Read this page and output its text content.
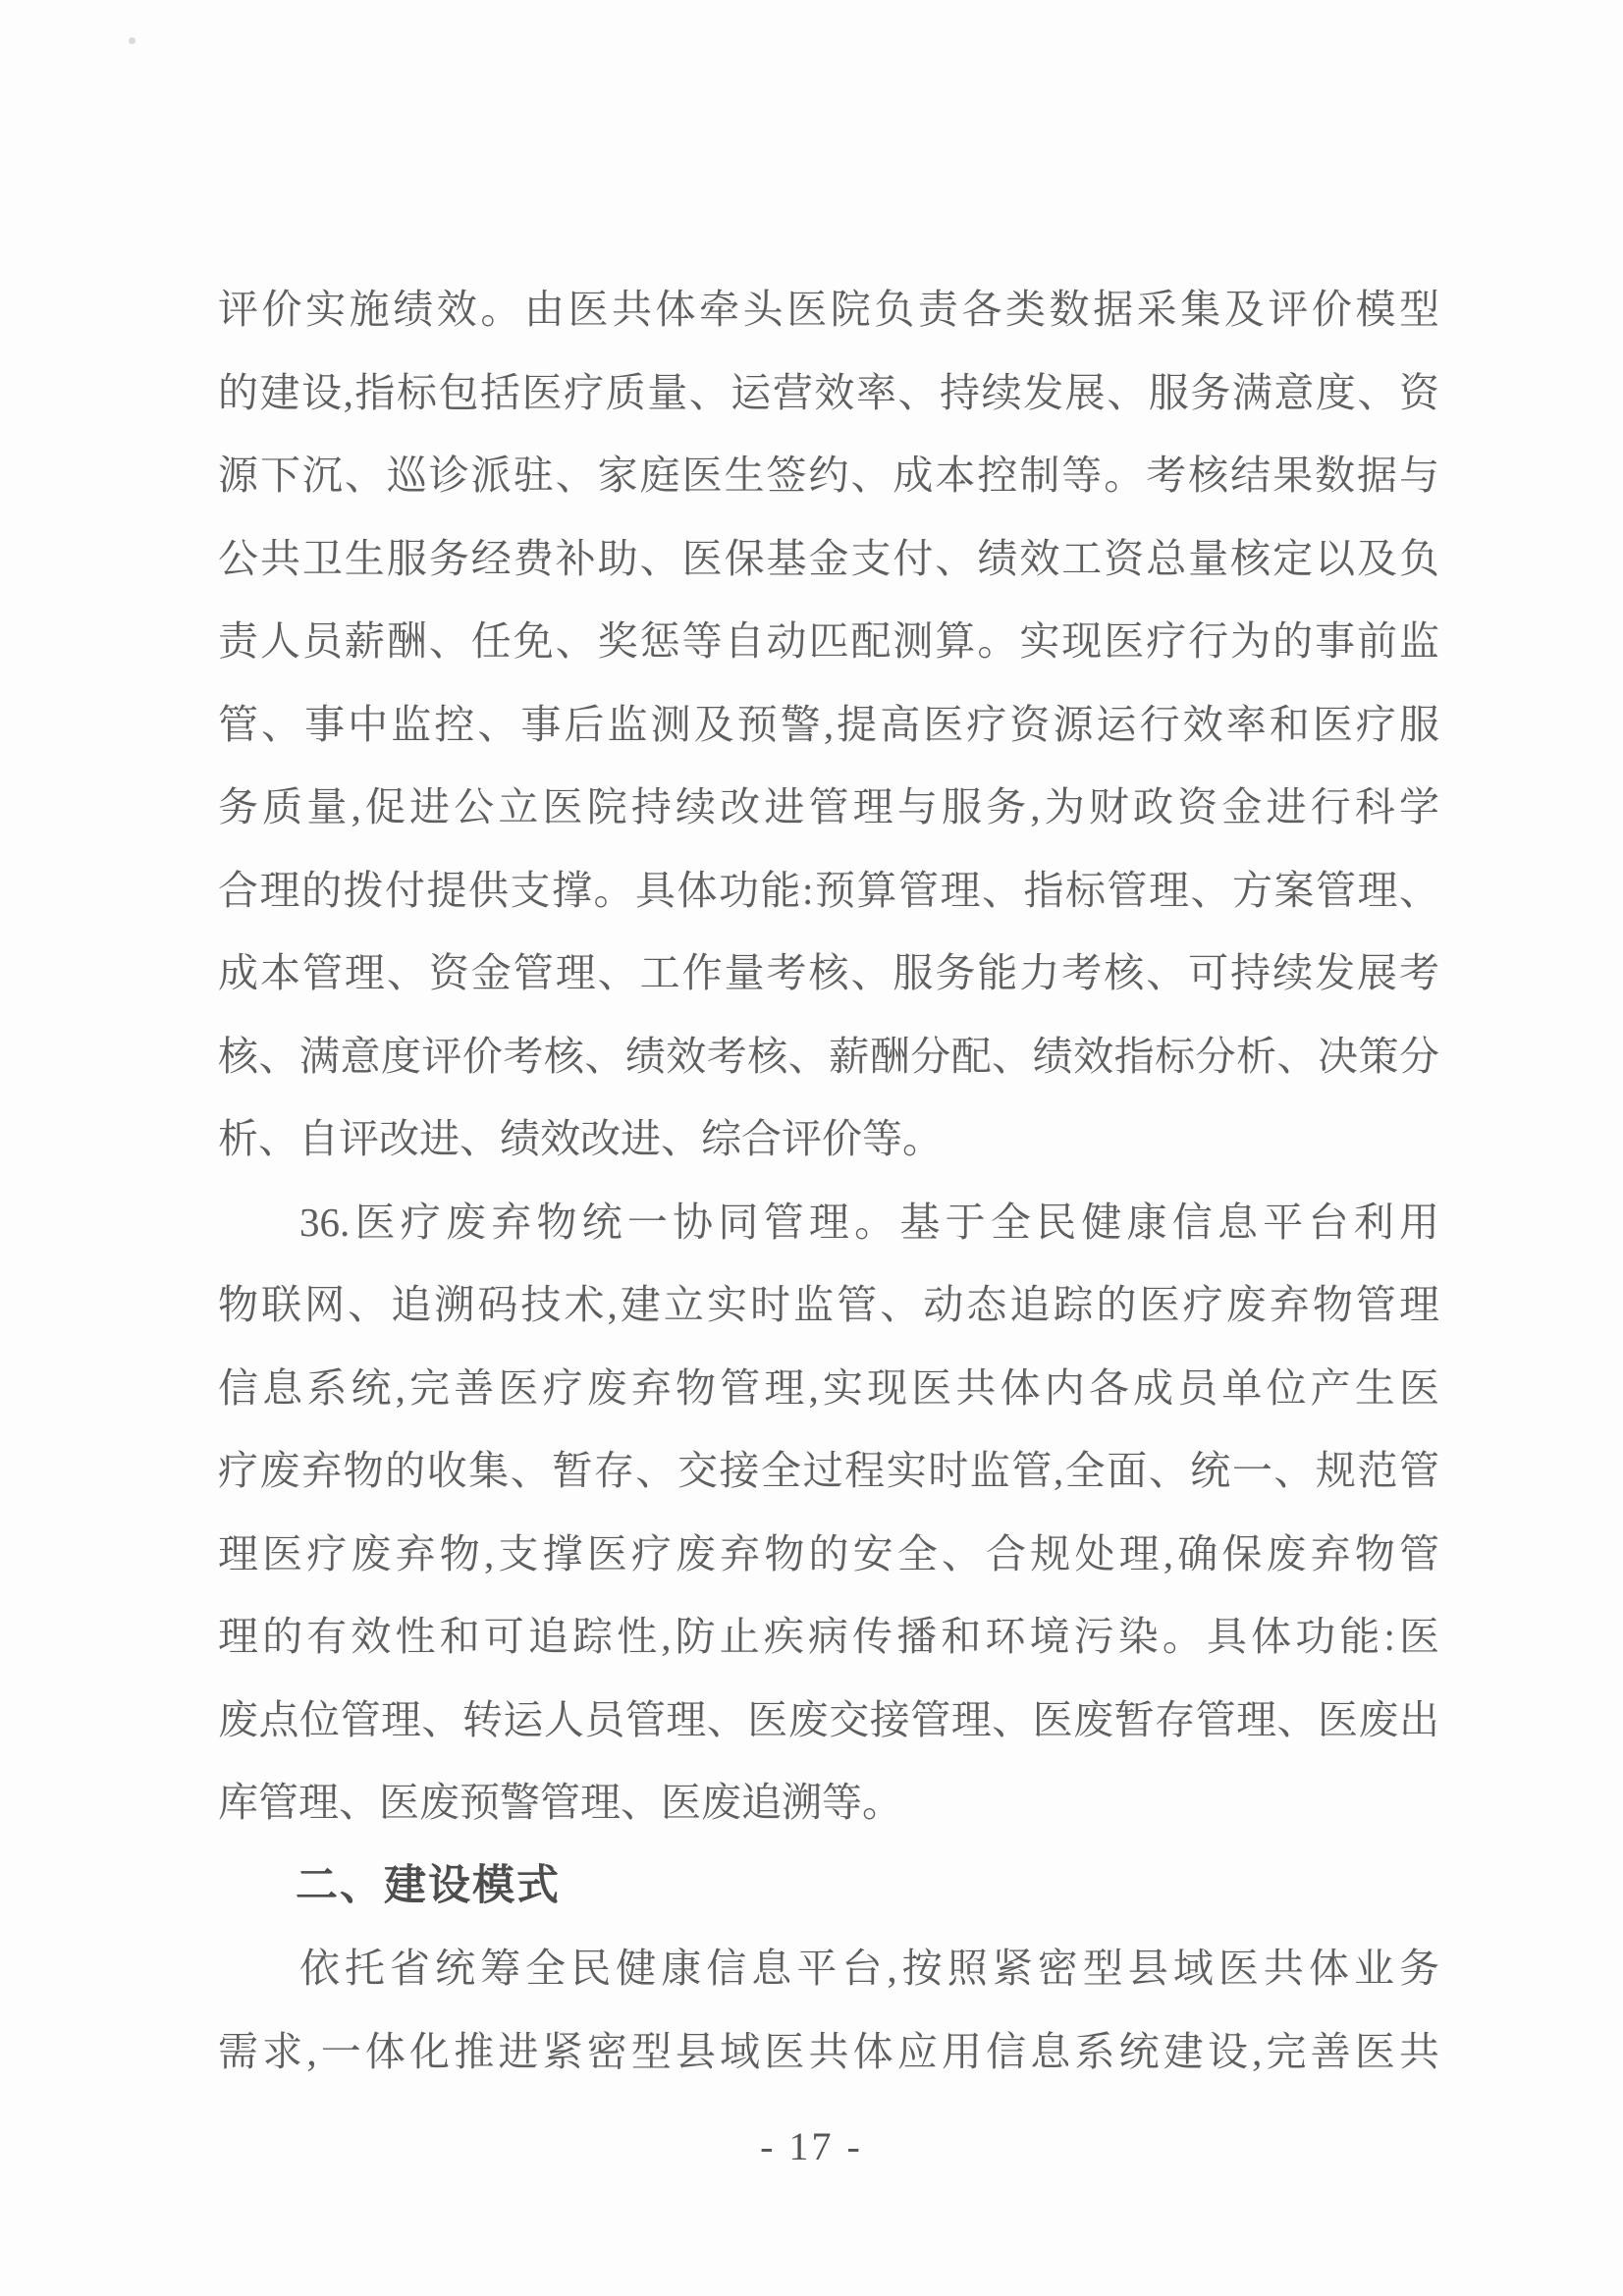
评价实施绩效。由医共体牵头医院负责各类数据采集及评价模型
的建设,指标包括医疗质量、运营效率、持续发展、服务满意度、资
源下沉、巡诊派驻、家庭医生签约、成本控制等。考核结果数据与
公共卫生服务经费补助、医保基金支付、绩效工资总量核定以及负
责人员薪酬、任免、奖惩等自动匹配测算。实现医疗行为的事前监
管、事中监控、事后监测及预警,提高医疗资源运行效率和医疗服
务质量,促进公立医院持续改进管理与服务,为财政资金进行科学
合理的拨付提供支撑。具体功能:预算管理、指标管理、方案管理、
成本管理、资金管理、工作量考核、服务能力考核、可持续发展考
核、满意度评价考核、绩效考核、薪酬分配、绩效指标分析、决策分
析、自评改进、绩效改进、综合评价等。
36.医疗废弃物统一协同管理。基于全民健康信息平台利用
物联网、追溯码技术,建立实时监管、动态追踪的医疗废弃物管理
信息系统,完善医疗废弃物管理,实现医共体内各成员单位产生医
疗废弃物的收集、暂存、交接全过程实时监管,全面、统一、规范管
理医疗废弃物,支撑医疗废弃物的安全、合规处理,确保废弃物管
理的有效性和可追踪性,防止疾病传播和环境污染。具体功能:医
废点位管理、转运人员管理、医废交接管理、医废暂存管理、医废出
库管理、医废预警管理、医废追溯等。
二、建设模式
依托省统筹全民健康信息平台,按照紧密型县域医共体业务
需求,一体化推进紧密型县域医共体应用信息系统建设,完善医共
- 17 -
